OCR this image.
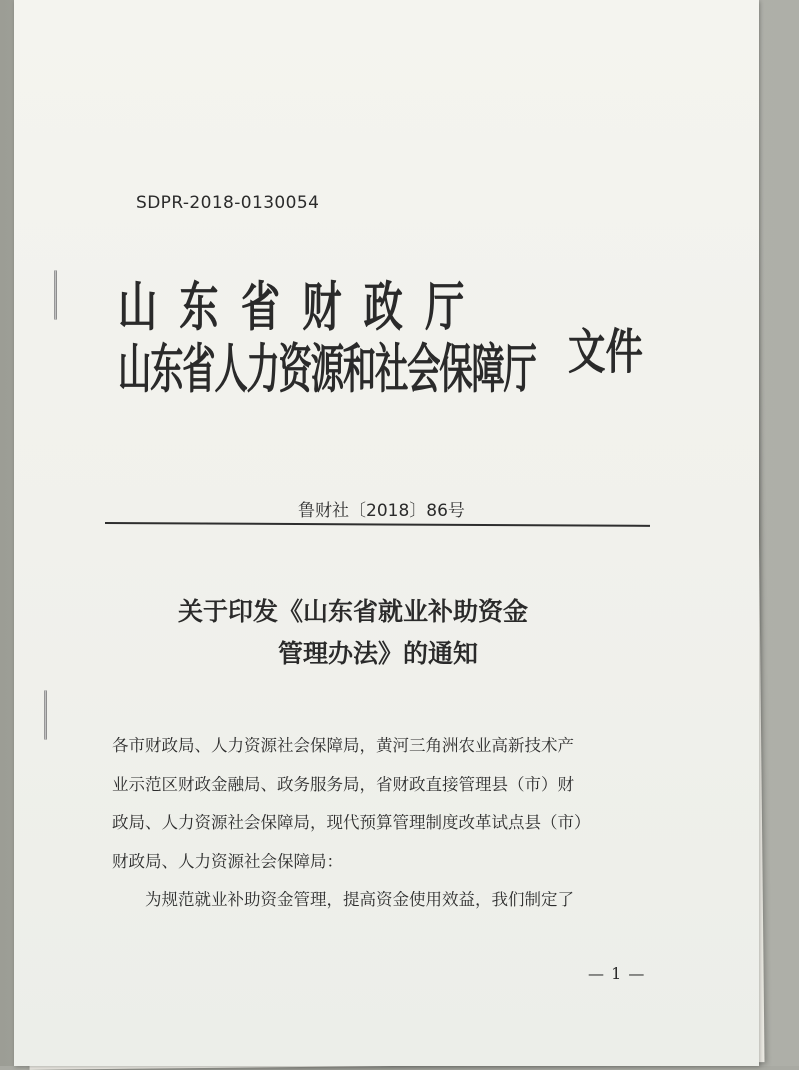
SDPR-2018-0130054
山东省财政厅
山东省人力资源和社会保障厅 文件
鲁财社〔2018〕86号
关于印发《山东省就业补助资金
管理办法》的通知
各市财政局、人力资源社会保障局，黄河三角洲农业高新技术产
业示范区财政金融局、政务服务局，省财政直接管理县（市）财
政局、人力资源社会保障局，现代预算管理制度改革试点县（市）
财政局、人力资源社会保障局：
为规范就业补助资金管理，提高资金使用效益，我们制定了
— 1 —
